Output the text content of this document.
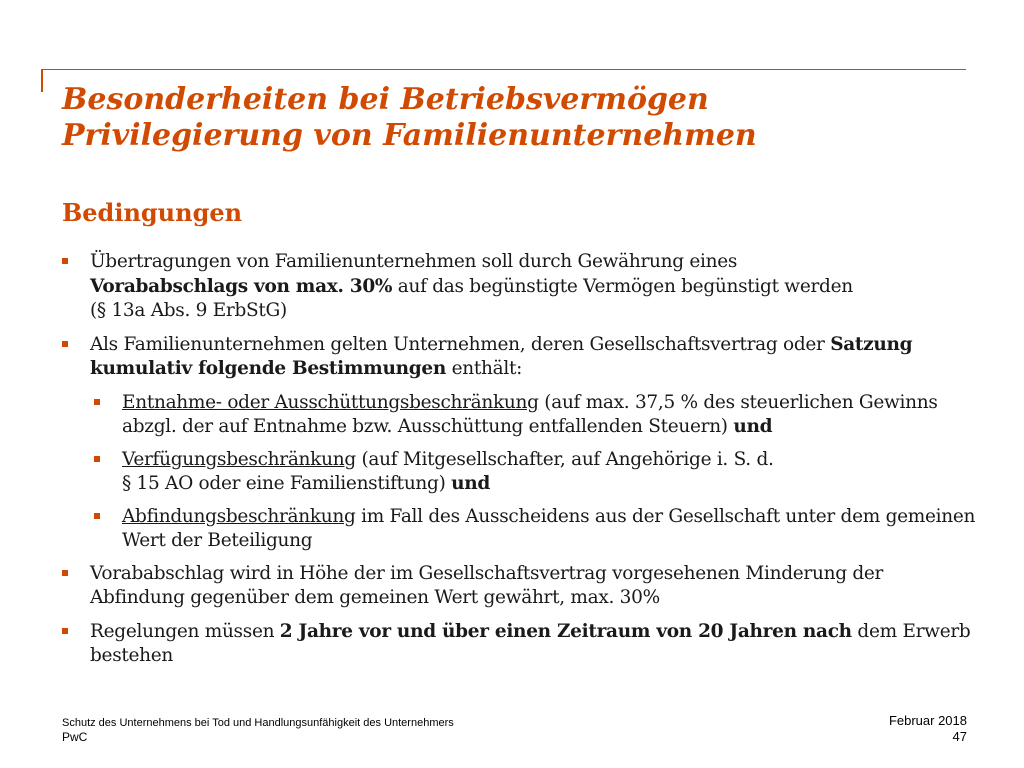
Besonderheiten bei Betriebsvermögen
Privilegierung von Familienunternehmen
Bedingungen

Übertragungen von Familienunternehmen soll durch Gewährung eines
Vorababschlags von max. 30% auf das begünstigte Vermögen begünstigt werden
(§ 13a Abs. 9 ErbStG)

Als Familienunternehmen gelten Unternehmen, deren Gesellschaftsvertrag oder Satzung kumulativ folgende Bestimmungen enthält:

Entnahme- oder Ausschüttungsbeschränkung (auf max. 37,5 % des steuerlichen Gewinns abzgl. der auf Entnahme bzw. Ausschüttung entfallenden Steuern) und

Verfügungsbeschränkung (auf Mitgesellschafter, auf Angehörige i. S. d.
§ 15 AO oder eine Familienstiftung) und

Abfindungsbeschränkung im Fall des Ausscheidens aus der Gesellschaft unter dem gemeinen Wert der Beteiligung

Vorababschlag wird in Höhe der im Gesellschaftsvertrag vorgesehenen Minderung der Abfindung gegenüber dem gemeinen Wert gewährt, max. 30%

Regelungen müssen 2 Jahre vor und über einen Zeitraum von 20 Jahren nach dem Erwerb bestehen

Schutz des Unternehmens bei Tod und Handlungsunfähigkeit des Unternehmers
PwC
Februar 2018
47
